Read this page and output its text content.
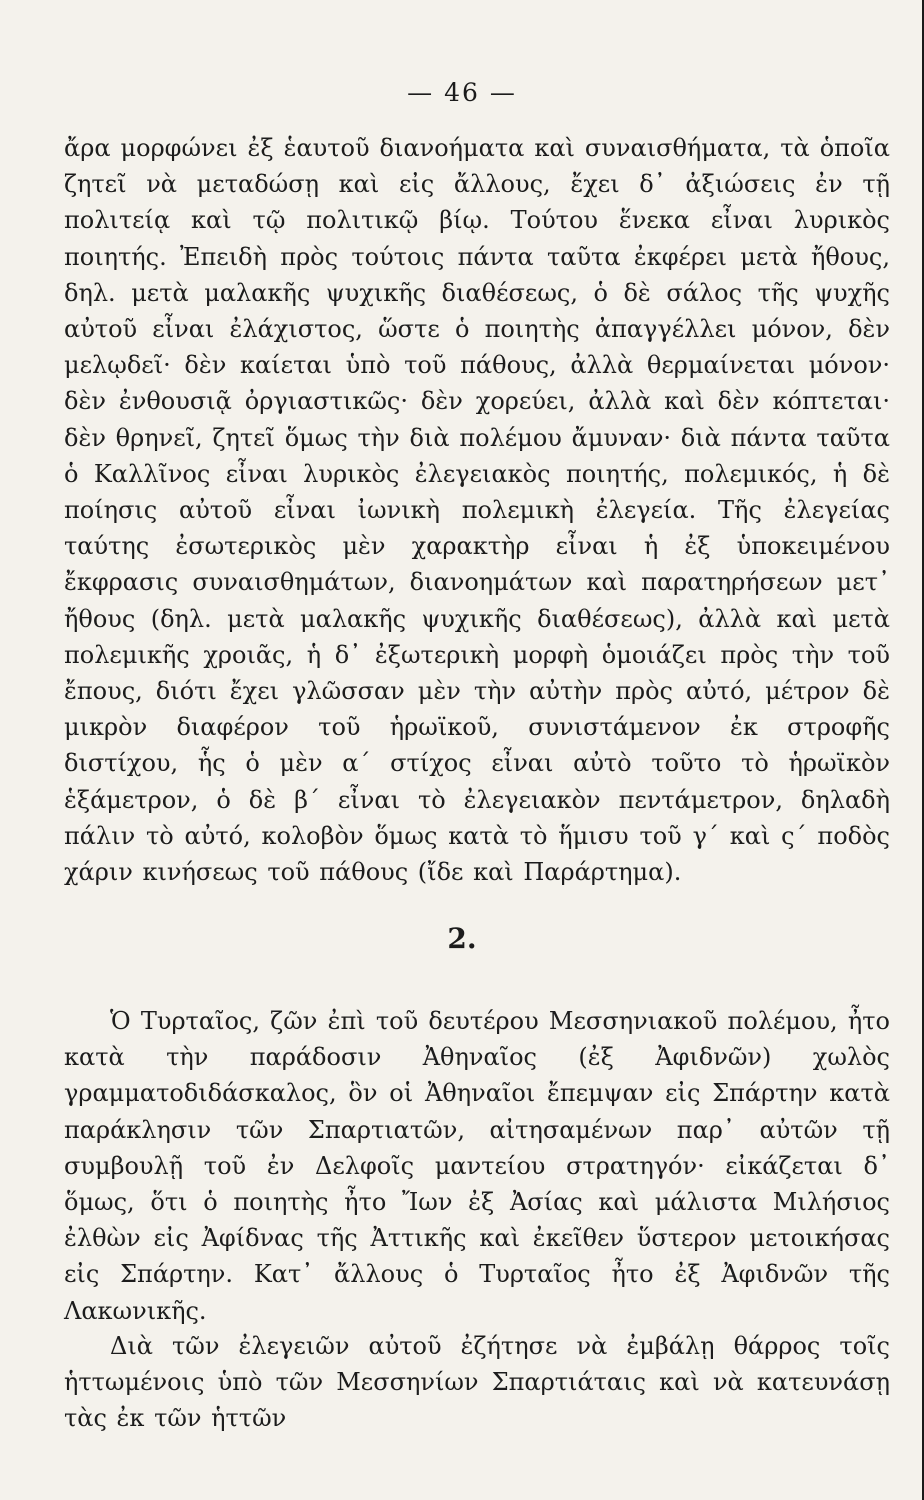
— 46 —

ἄρα μορφώνει ἐξ ἑαυτοῦ διανοήματα καὶ συναισθήματα, τὰ ὁποῖα ζητεῖ νὰ μεταδώσῃ καὶ εἰς ἄλλους, ἔχει δ᾽ ἀξιώσεις ἐν τῇ πολιτείᾳ καὶ τῷ πολιτικῷ βίῳ. Τούτου ἕνεκα εἶναι λυρικὸς ποιητής. Ἐπειδὴ πρὸς τούτοις πάντα ταῦτα ἐκφέρει μετὰ ἤθους, δηλ. μετὰ μαλακῆς ψυχικῆς διαθέσεως, ὁ δὲ σάλος τῆς ψυχῆς αὐτοῦ εἶναι ἐλάχιστος, ὥστε ὁ ποιητὴς ἀπαγγέλλει μόνον, δὲν μελῳδεῖ· δὲν καίεται ὑπὸ τοῦ πάθους, ἀλλὰ θερμαίνεται μόνον· δὲν ἐνθουσιᾷ ὀργιαστικῶς· δὲν χορεύει, ἀλλὰ καὶ δὲν κόπτεται· δὲν θρηνεῖ, ζητεῖ ὅμως τὴν διὰ πολέμου ἄμυναν· διὰ πάντα ταῦτα ὁ Καλλῖνος εἶναι λυρικὸς ἐλεγειακὸς ποιητής, πολεμικός, ἡ δὲ ποίησις αὐτοῦ εἶναι ἰωνικὴ πολεμικὴ ἐλεγεία. Τῆς ἐλεγείας ταύτης ἐσωτερικὸς μὲν χαρακτὴρ εἶναι ἡ ἐξ ὑποκειμένου ἔκφρασις συναισθημάτων, διανοημάτων καὶ παρατηρήσεων μετ᾽ ἤθους (δηλ. μετὰ μαλακῆς ψυχικῆς διαθέσεως), ἀλλὰ καὶ μετὰ πολεμικῆς χροιᾶς, ἡ δ᾽ ἐξωτερικὴ μορφὴ ὁμοιάζει πρὸς τὴν τοῦ ἔπους, διότι ἔχει γλῶσσαν μὲν τὴν αὐτὴν πρὸς αὐτό, μέτρον δὲ μικρὸν διαφέρον τοῦ ἡρωϊκοῦ, συνιστάμενον ἐκ στροφῆς διστίχου, ἧς ὁ μὲν α´ στίχος εἶναι αὐτὸ τοῦτο τὸ ἡρωϊκὸν ἑξάμετρον, ὁ δὲ β´ εἶναι τὸ ἐλεγειακὸν πεντάμετρον, δηλαδὴ πάλιν τὸ αὐτό, κολοβὸν ὅμως κατὰ τὸ ἥμισυ τοῦ γ´ καὶ ς´ ποδὸς χάριν κινήσεως τοῦ πάθους (ἴδε καὶ Παράρτημα).

2.

Ὁ Τυρταῖος, ζῶν ἐπὶ τοῦ δευτέρου Μεσσηνιακοῦ πολέμου, ἦτο κατὰ τὴν παράδοσιν Ἀθηναῖος (ἐξ Ἀφιδνῶν) χωλὸς γραμματοδιδάσκαλος, ὃν οἱ Ἀθηναῖοι ἔπεμψαν εἰς Σπάρτην κατὰ παράκλησιν τῶν Σπαρτιατῶν, αἰτησαμένων παρ᾽ αὐτῶν τῇ συμβουλῇ τοῦ ἐν Δελφοῖς μαντείου στρατηγόν· εἰκάζεται δ᾽ ὅμως, ὅτι ὁ ποιητὴς ἦτο Ἴων ἐξ Ἀσίας καὶ μάλιστα Μιλήσιος ἐλθὼν εἰς Ἀφίδνας τῆς Ἀττικῆς καὶ ἐκεῖθεν ὕστερον μετοικήσας εἰς Σπάρτην. Κατ᾽ ἄλλους ὁ Τυρταῖος ἦτο ἐξ Ἀφιδνῶν τῆς Λακωνικῆς.

Διὰ τῶν ἐλεγειῶν αὐτοῦ ἐζήτησε νὰ ἐμβάλῃ θάρρος τοῖς ἡττωμένοις ὑπὸ τῶν Μεσσηνίων Σπαρτιάταις καὶ νὰ κατευνάσῃ τὰς ἐκ τῶν ἡττῶν
